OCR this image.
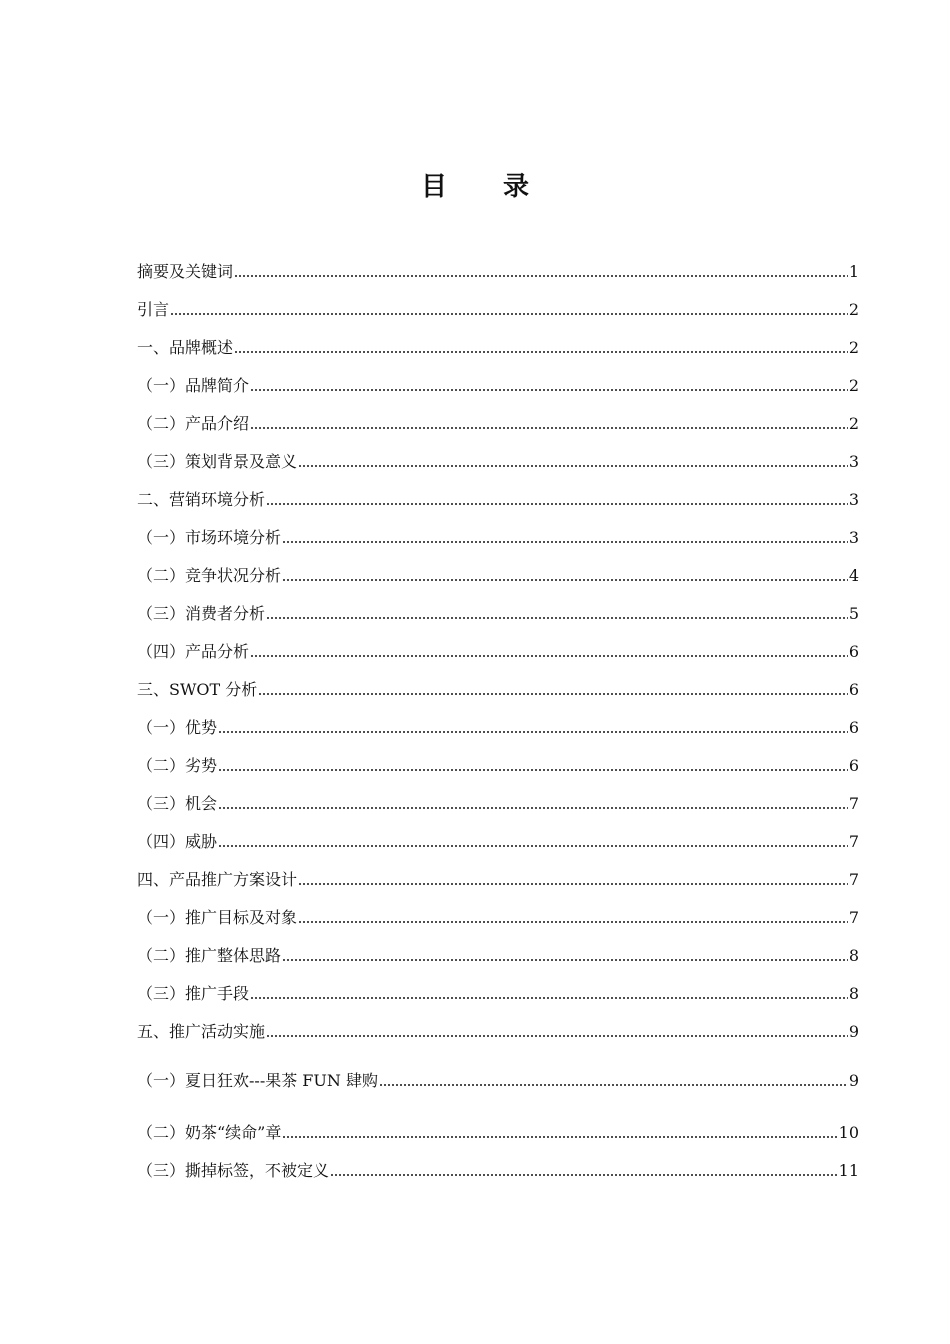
目 录
摘要及关键词	1
引言	2
一、品牌概述	2
（一）品牌简介	2
（二）产品介绍	2
（三）策划背景及意义	3
二、营销环境分析	3
（一）市场环境分析	3
（二）竞争状况分析	4
（三）消费者分析	5
（四）产品分析	6
三、SWOT 分析	6
（一）优势	6
（二）劣势	6
（三）机会	7
（四）威胁	7
四、产品推广方案设计	7
（一）推广目标及对象	7
（二）推广整体思路	8
（三）推广手段	8
五、推广活动实施	9
（一）夏日狂欢---果茶 FUN 肆购	9
（二）奶茶“续命”章	10
（三）撕掉标签，不被定义	11
